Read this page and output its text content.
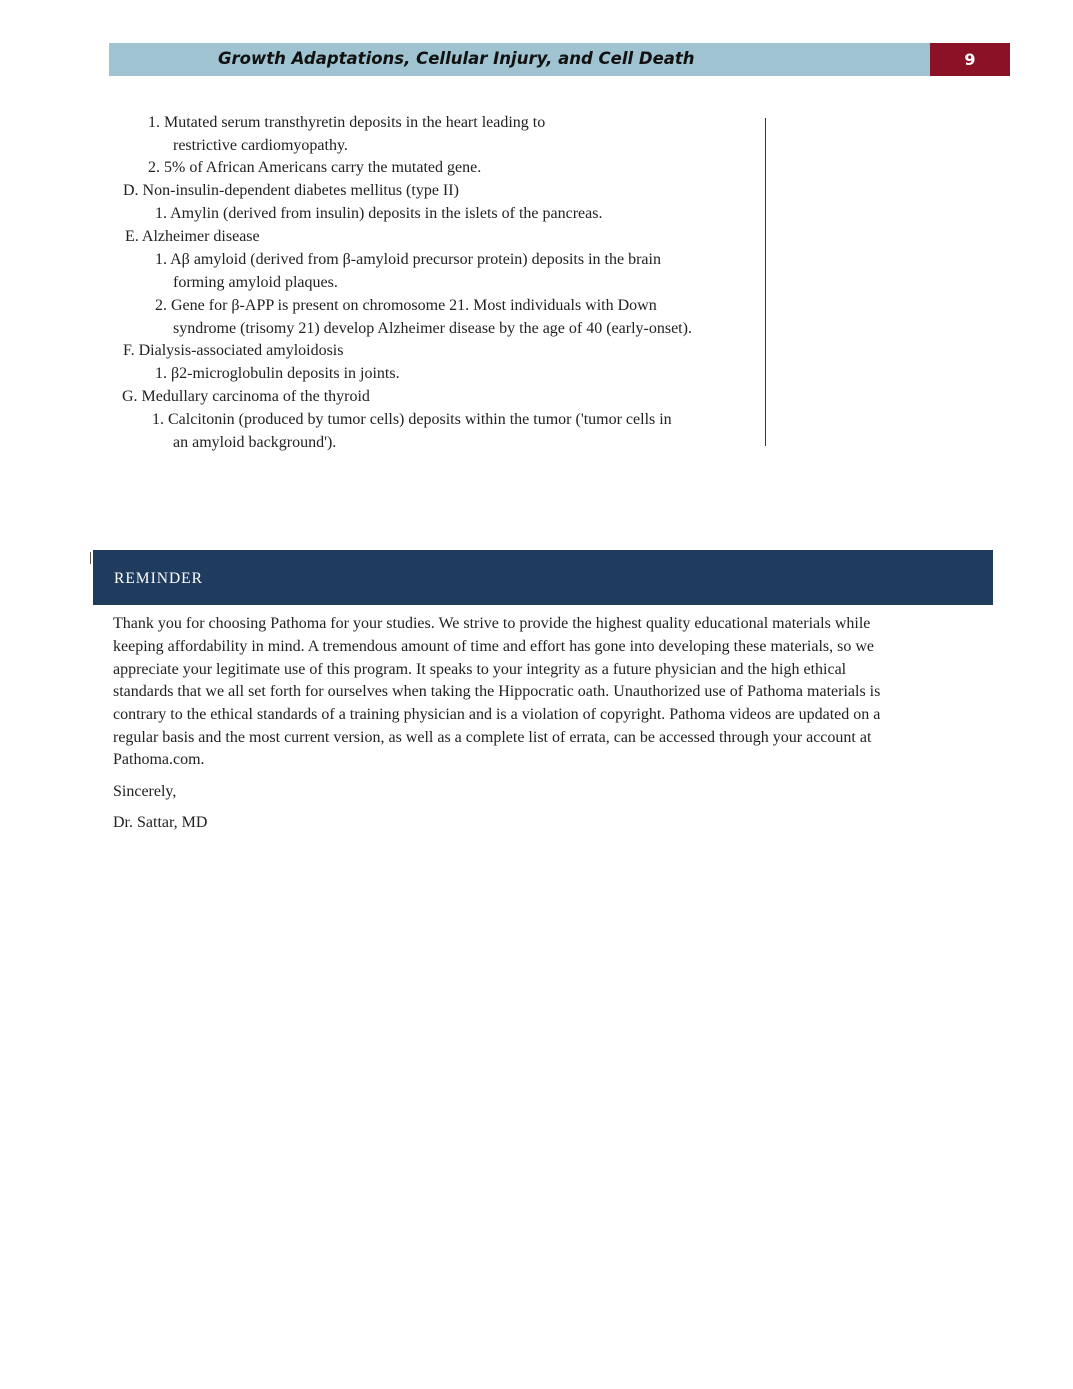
Growth Adaptations, Cellular Injury, and Cell Death	9
1. Mutated serum transthyretin deposits in the heart leading to
restrictive cardiomyopathy.
2. 5% of African Americans carry the mutated gene.
D. Non-insulin-dependent diabetes mellitus (type II)
1. Amylin (derived from insulin) deposits in the islets of the pancreas.
E. Alzheimer disease
1. Aβ amyloid (derived from β-amyloid precursor protein) deposits in the brain
forming amyloid plaques.
2. Gene for β-APP is present on chromosome 21. Most individuals with Down
syndrome (trisomy 21) develop Alzheimer disease by the age of 40 (early-onset).
F. Dialysis-associated amyloidosis
1. β2-microglobulin deposits in joints.
G. Medullary carcinoma of the thyroid
1. Calcitonin (produced by tumor cells) deposits within the tumor ('tumor cells in
an amyloid background').
REMINDER
Thank you for choosing Pathoma for your studies. We strive to provide the highest quality educational materials while
keeping affordability in mind. A tremendous amount of time and effort has gone into developing these materials, so we
appreciate your legitimate use of this program. It speaks to your integrity as a future physician and the high ethical
standards that we all set forth for ourselves when taking the Hippocratic oath. Unauthorized use of Pathoma materials is
contrary to the ethical standards of a training physician and is a violation of copyright. Pathoma videos are updated on a
regular basis and the most current version, as well as a complete list of errata, can be accessed through your account at
Pathoma.com.
Sincerely,
Dr. Sattar, MD
